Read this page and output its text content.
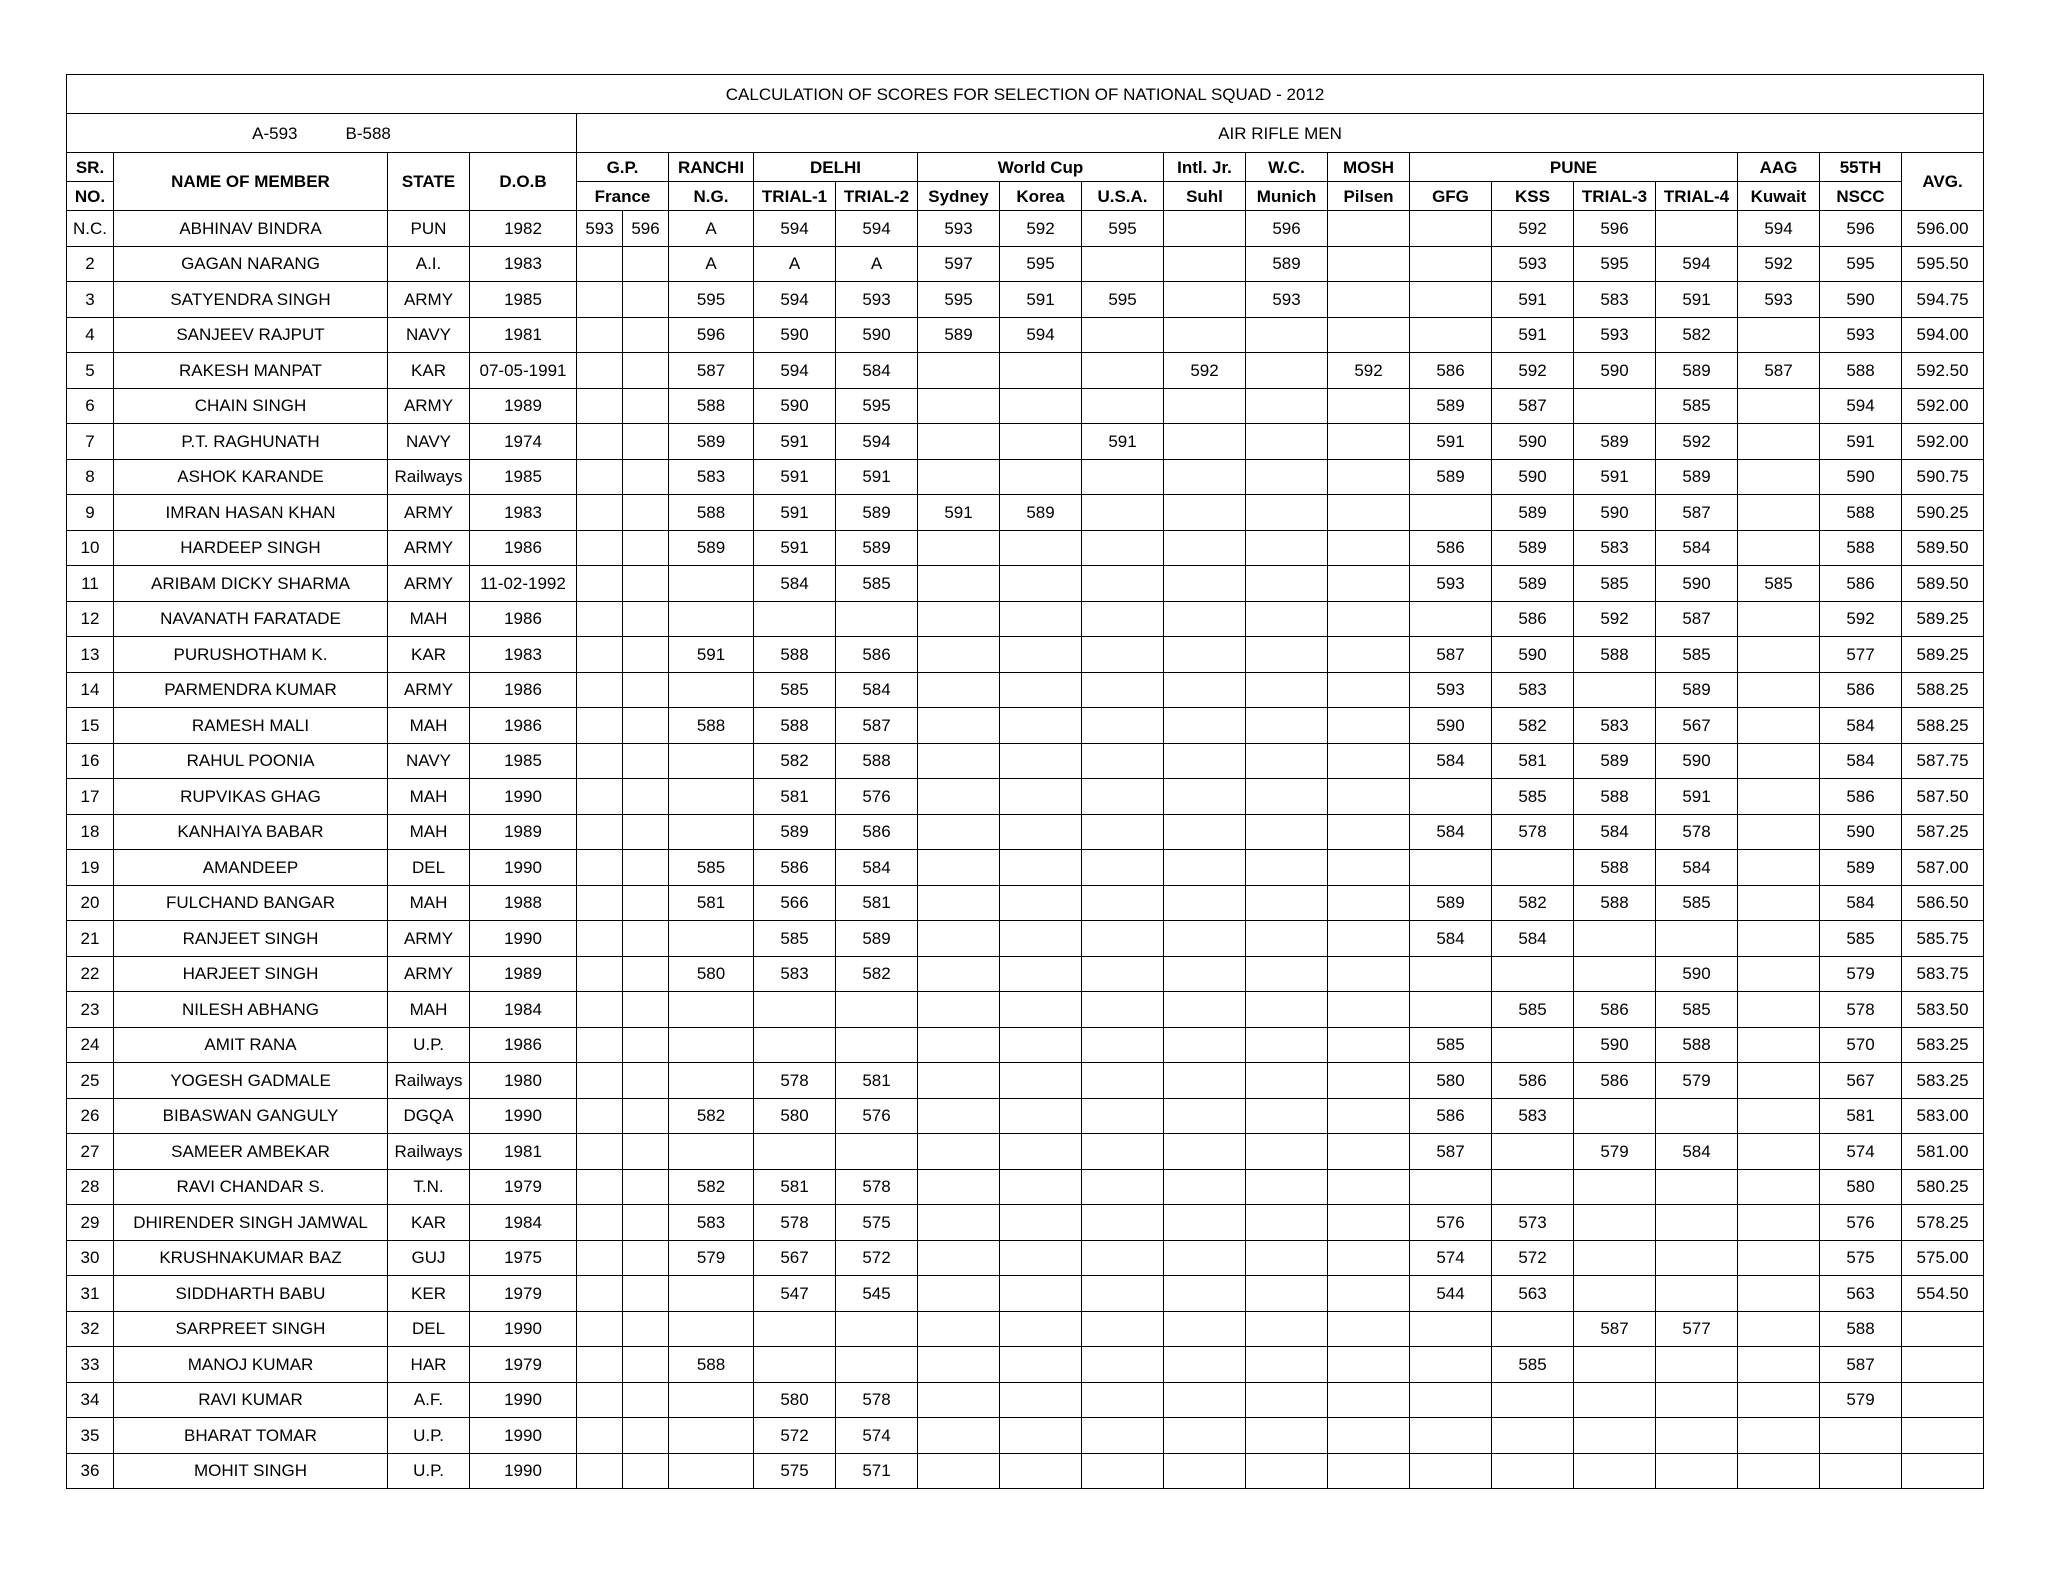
CALCULATION OF SCORES FOR SELECTION OF NATIONAL SQUAD - 2012																					
A-593 B-588				AIR RIFLE MEN																	
SR.	NAME OF MEMBER	STATE	D.O.B	G.P.		RANCHI	DELHI		World Cup			Intl. Jr.	W.C.	MOSH	PUNE				AAG	55TH	AVG.
NO.				France		N.G.	TRIAL-1	TRIAL-2	Sydney	Korea	U.S.A.	Suhl	Munich	Pilsen	GFG	KSS	TRIAL-3	TRIAL-4	Kuwait	NSCC	
N.C.	ABHINAV BINDRA	PUN	1982	593	596	A	594	594	593	592	595		596			592	596		594	596	596.00
2	GAGAN NARANG	A.I.	1983			A	A	A	597	595			589			593	595	594	592	595	595.50
3	SATYENDRA SINGH	ARMY	1985			595	594	593	595	591	595		593			591	583	591	593	590	594.75
4	SANJEEV RAJPUT	NAVY	1981			596	590	590	589	594						591	593	582		593	594.00
5	RAKESH MANPAT	KAR	07-05-1991			587	594	584				592		592	586	592	590	589	587	588	592.50
6	CHAIN SINGH	ARMY	1989			588	590	595							589	587		585		594	592.00
7	P.T. RAGHUNATH	NAVY	1974			589	591	594			591				591	590	589	592		591	592.00
8	ASHOK KARANDE	Railways	1985			583	591	591							589	590	591	589		590	590.75
9	IMRAN HASAN KHAN	ARMY	1983			588	591	589	591	589						589	590	587		588	590.25
10	HARDEEP SINGH	ARMY	1986			589	591	589							586	589	583	584		588	589.50
11	ARIBAM DICKY SHARMA	ARMY	11-02-1992				584	585							593	589	585	590	585	586	589.50
12	NAVANATH FARATADE	MAH	1986													586	592	587		592	589.25
13	PURUSHOTHAM K.	KAR	1983			591	588	586							587	590	588	585		577	589.25
14	PARMENDRA KUMAR	ARMY	1986				585	584							593	583		589		586	588.25
15	RAMESH MALI	MAH	1986			588	588	587							590	582	583	567		584	588.25
16	RAHUL POONIA	NAVY	1985				582	588							584	581	589	590		584	587.75
17	RUPVIKAS GHAG	MAH	1990				581	576								585	588	591		586	587.50
18	KANHAIYA BABAR	MAH	1989				589	586							584	578	584	578		590	587.25
19	AMANDEEP	DEL	1990			585	586	584									588	584		589	587.00
20	FULCHAND BANGAR	MAH	1988			581	566	581							589	582	588	585		584	586.50
21	RANJEET SINGH	ARMY	1990				585	589							584	584				585	585.75
22	HARJEET SINGH	ARMY	1989			580	583	582										590		579	583.75
23	NILESH ABHANG	MAH	1984													585	586	585		578	583.50
24	AMIT RANA	U.P.	1986												585		590	588		570	583.25
25	YOGESH GADMALE	Railways	1980				578	581							580	586	586	579		567	583.25
26	BIBASWAN GANGULY	DGQA	1990			582	580	576							586	583				581	583.00
27	SAMEER AMBEKAR	Railways	1981												587		579	584		574	581.00
28	RAVI CHANDAR S.	T.N.	1979			582	581	578												580	580.25
29	DHIRENDER SINGH JAMWAL	KAR	1984			583	578	575							576	573				576	578.25
30	KRUSHNAKUMAR BAZ	GUJ	1975			579	567	572							574	572				575	575.00
31	SIDDHARTH BABU	KER	1979				547	545							544	563				563	554.50
32	SARPREET SINGH	DEL	1990														587	577		588	
33	MANOJ KUMAR	HAR	1979			588										585				587	
34	RAVI KUMAR	A.F.	1990				580	578												579	
35	BHARAT TOMAR	U.P.	1990				572	574													
36	MOHIT SINGH	U.P.	1990				575	571													
